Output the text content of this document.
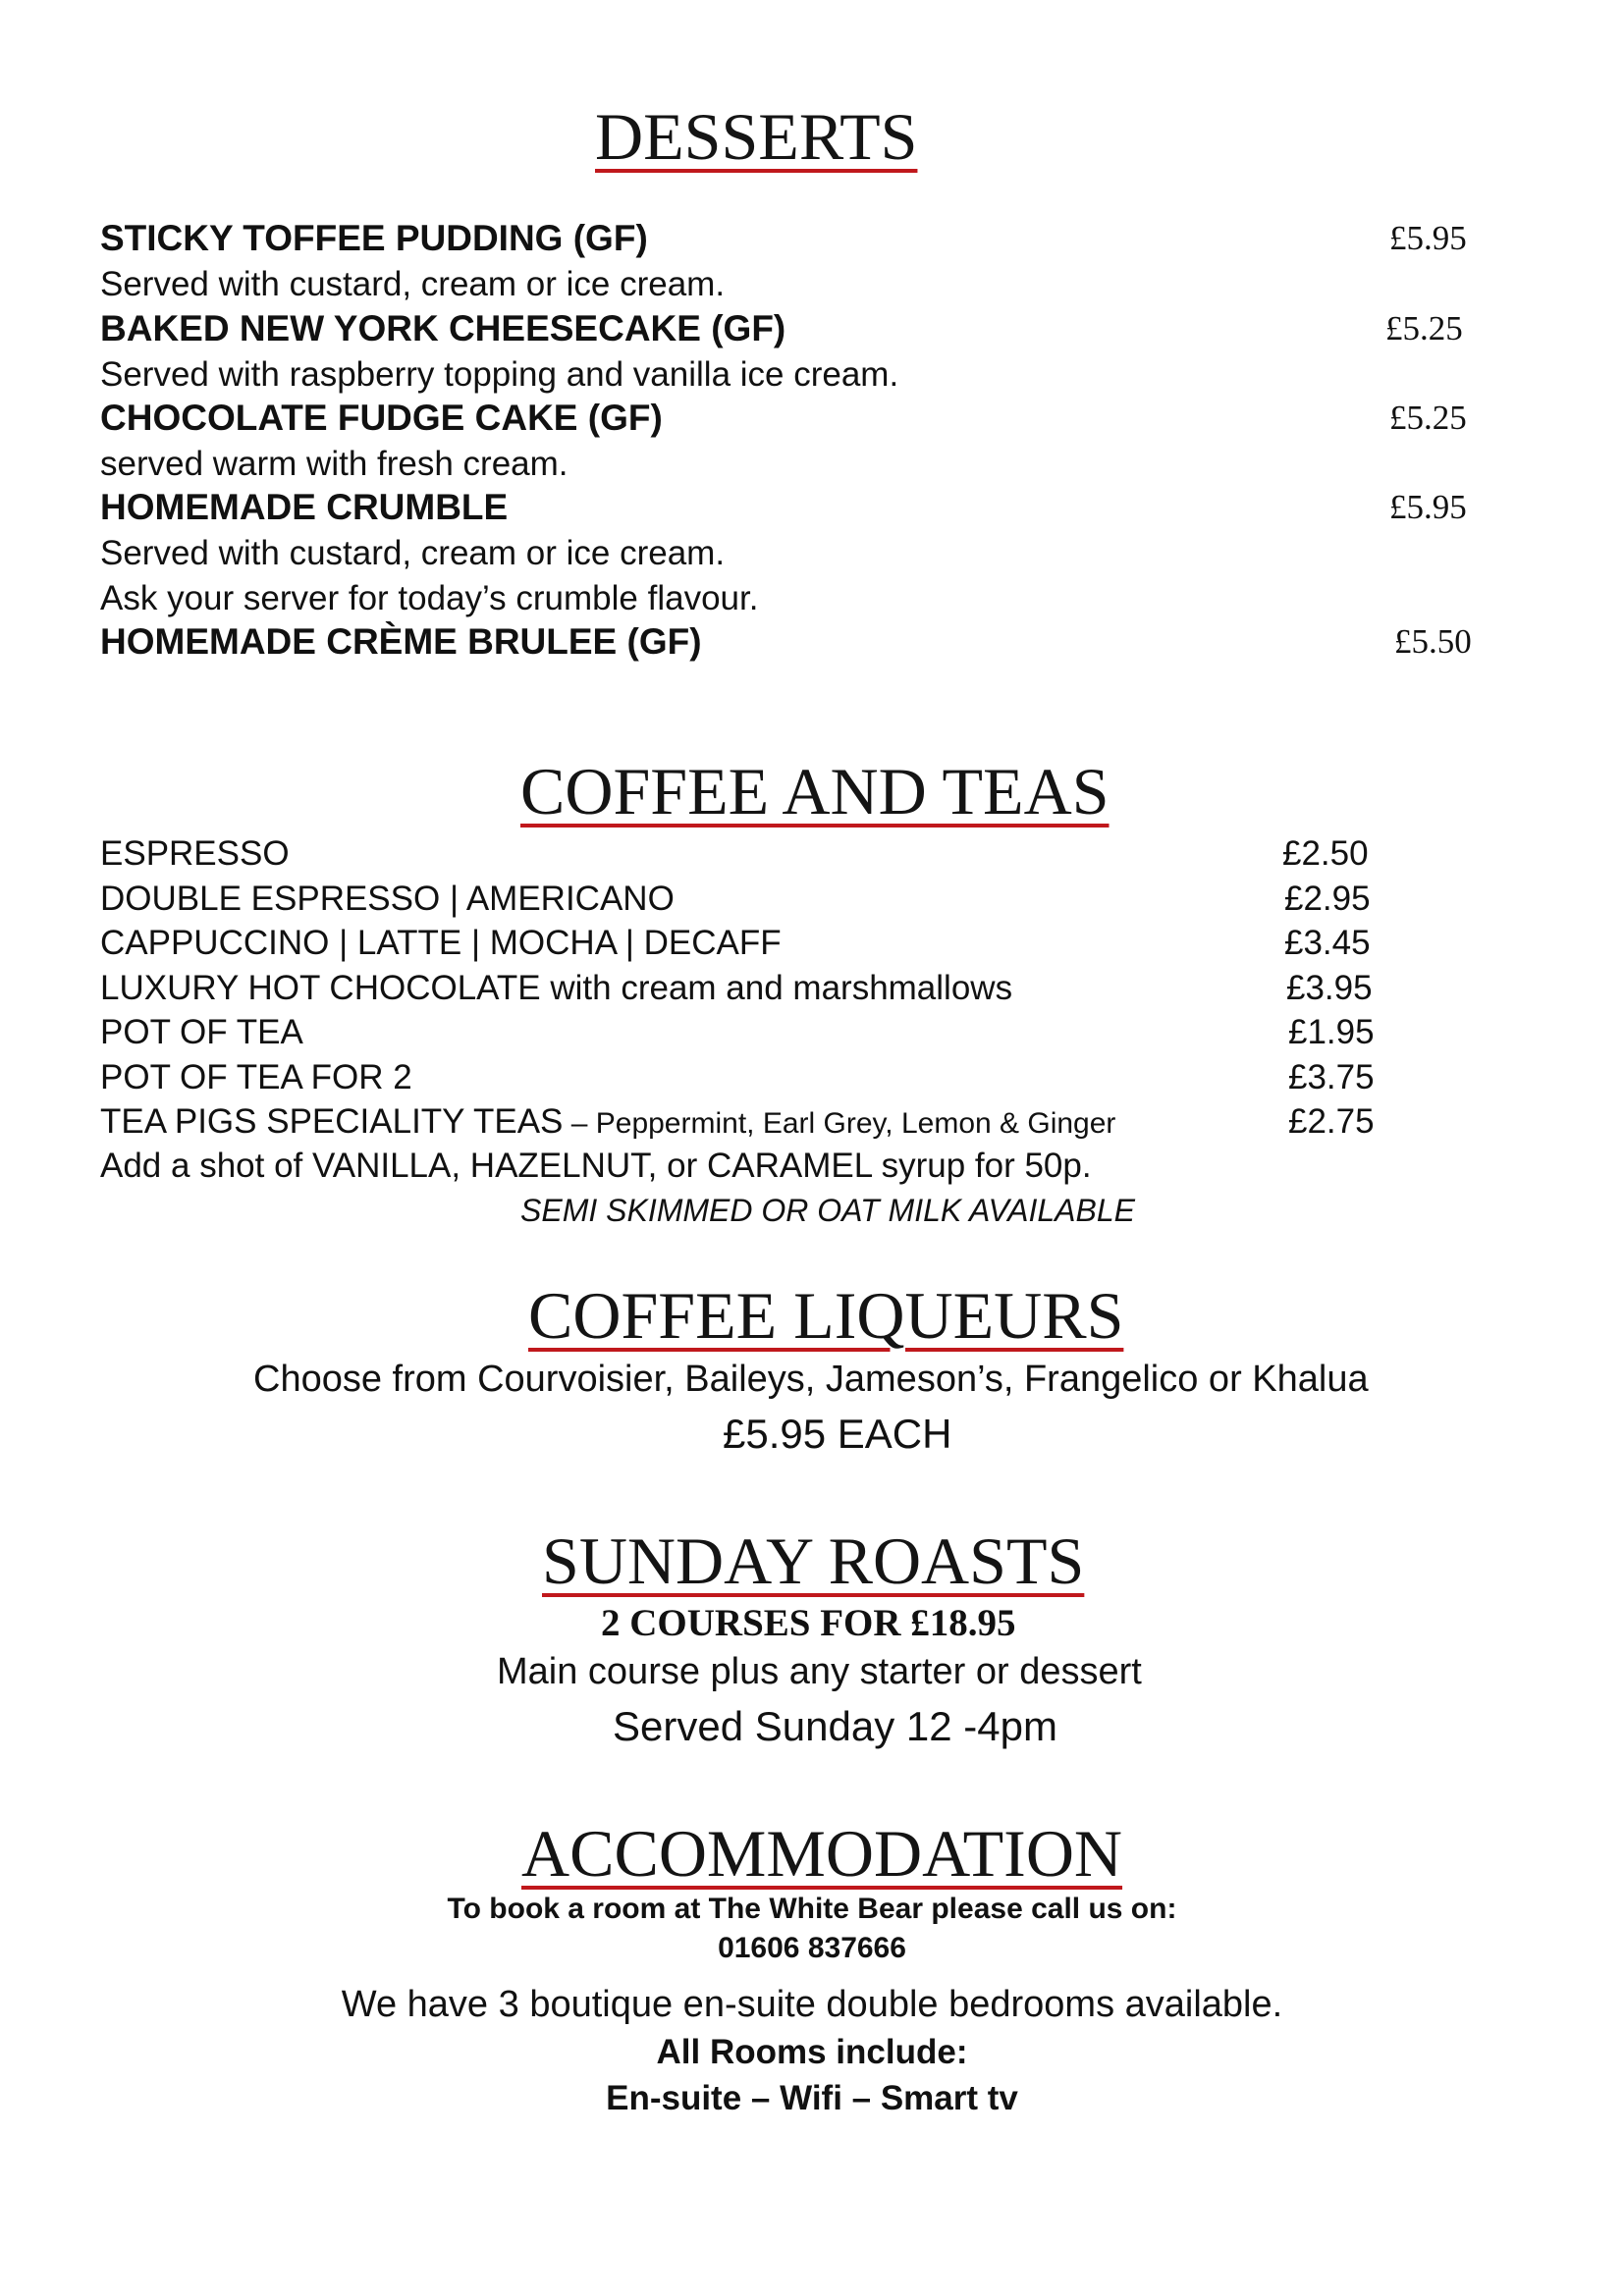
DESSERTS
STICKY TOFFEE PUDDING (GF)	£5.95
Served with custard, cream or ice cream.
BAKED NEW YORK CHEESECAKE (GF)	£5.25
Served with raspberry topping and vanilla ice cream.
CHOCOLATE FUDGE CAKE (GF)	£5.25
served warm with fresh cream.
HOMEMADE CRUMBLE	£5.95
Served with custard, cream or ice cream.
Ask your server for today’s crumble flavour.
HOMEMADE CRÈME BRULEE (GF)	£5.50
COFFEE AND TEAS
ESPRESSO	£2.50
DOUBLE ESPRESSO | AMERICANO	£2.95
CAPPUCCINO | LATTE | MOCHA | DECAFF	£3.45
LUXURY HOT CHOCOLATE with cream and marshmallows	£3.95
POT OF TEA	£1.95
POT OF TEA FOR 2	£3.75
TEA PIGS SPECIALITY TEAS – Peppermint, Earl Grey, Lemon & Ginger	£2.75
Add a shot of VANILLA, HAZELNUT, or CARAMEL syrup for 50p.
SEMI SKIMMED OR OAT MILK AVAILABLE
COFFEE LIQUEURS
Choose from Courvoisier, Baileys, Jameson’s, Frangelico or Khalua
£5.95 EACH
SUNDAY ROASTS
2 COURSES FOR £18.95
Main course plus any starter or dessert
Served Sunday 12 -4pm
ACCOMMODATION
To book a room at The White Bear please call us on:
01606 837666
We have 3 boutique en-suite double bedrooms available.
All Rooms include:
En-suite – Wifi – Smart tv
